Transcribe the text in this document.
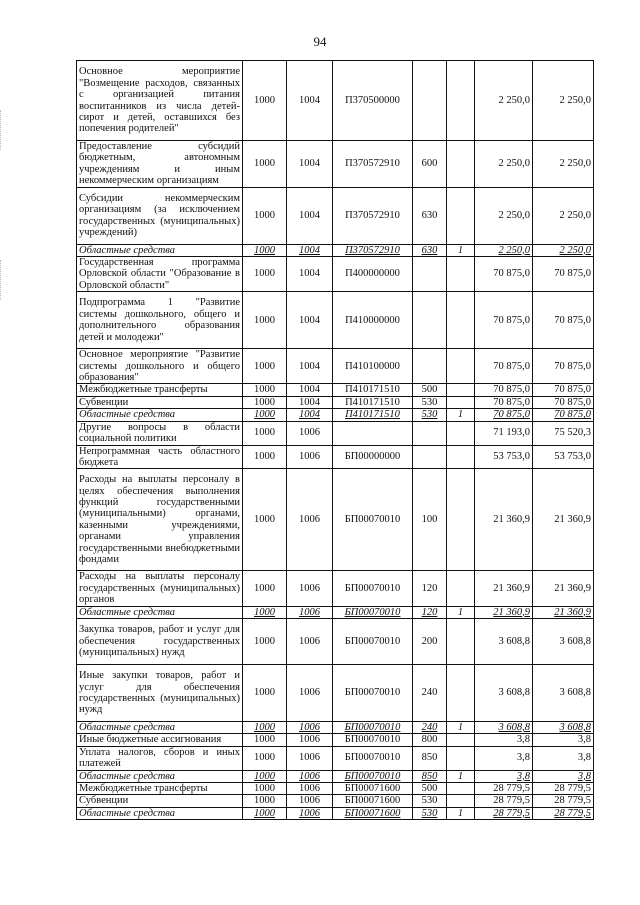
94
Основное мероприятие "Возмещение расходов, связанных с организацией питания воспитанников из числа детей-сирот и детей, оставшихся без попечения родителей"	1000	1004	П370500000			2 250,0	2 250,0
Предоставление субсидий бюджетным, автономным учреждениям и иным некоммерческим организациям	1000	1004	П370572910	600		2 250,0	2 250,0
Субсидии некоммерческим организациям (за исключением государственных (муниципальных) учреждений)	1000	1004	П370572910	630		2 250,0	2 250,0
Областные средства	1000	1004	П370572910	630	1	2 250,0	2 250,0
Государственная программа Орловской области "Образование в Орловской области"	1000	1004	П400000000			70 875,0	70 875,0
Подпрограмма 1 "Развитие системы дошкольного, общего и дополнительного образования детей и молодежи"	1000	1004	П410000000			70 875,0	70 875,0
Основное мероприятие "Развитие системы дошкольного и общего образования"	1000	1004	П410100000			70 875,0	70 875,0
Межбюджетные трансферты	1000	1004	П410171510	500		70 875,0	70 875,0
Субвенции	1000	1004	П410171510	530		70 875,0	70 875,0
Областные средства	1000	1004	П410171510	530	1	70 875,0	70 875,0
Другие вопросы в области социальной политики	1000	1006				71 193,0	75 520,3
Непрограммная часть областного бюджета	1000	1006	БП00000000			53 753,0	53 753,0
Расходы на выплаты персоналу в целях обеспечения выполнения функций государственными (муниципальными) органами, казенными учреждениями, органами управления государственными внебюджетными фондами	1000	1006	БП00070010	100		21 360,9	21 360,9
Расходы на выплаты персоналу государственных (муниципальных) органов	1000	1006	БП00070010	120		21 360,9	21 360,9
Областные средства	1000	1006	БП00070010	120	1	21 360,9	21 360,9
Закупка товаров, работ и услуг для обеспечения государственных (муниципальных) нужд	1000	1006	БП00070010	200		3 608,8	3 608,8
Иные закупки товаров, работ и услуг для обеспечения государственных (муниципальных) нужд	1000	1006	БП00070010	240		3 608,8	3 608,8
Областные средства	1000	1006	БП00070010	240	1	3 608,8	3 608,8
Иные бюджетные ассигнования	1000	1006	БП00070010	800		3,8	3,8
Уплата налогов, сборов и иных платежей	1000	1006	БП00070010	850		3,8	3,8
Областные средства	1000	1006	БП00070010	850	1	3,8	3,8
Межбюджетные трансферты	1000	1006	БП00071600	500		28 779,5	28 779,5
Субвенции	1000	1006	БП00071600	530		28 779,5	28 779,5
Областные средства	1000	1006	БП00071600	530	1	28 779,5	28 779,5
